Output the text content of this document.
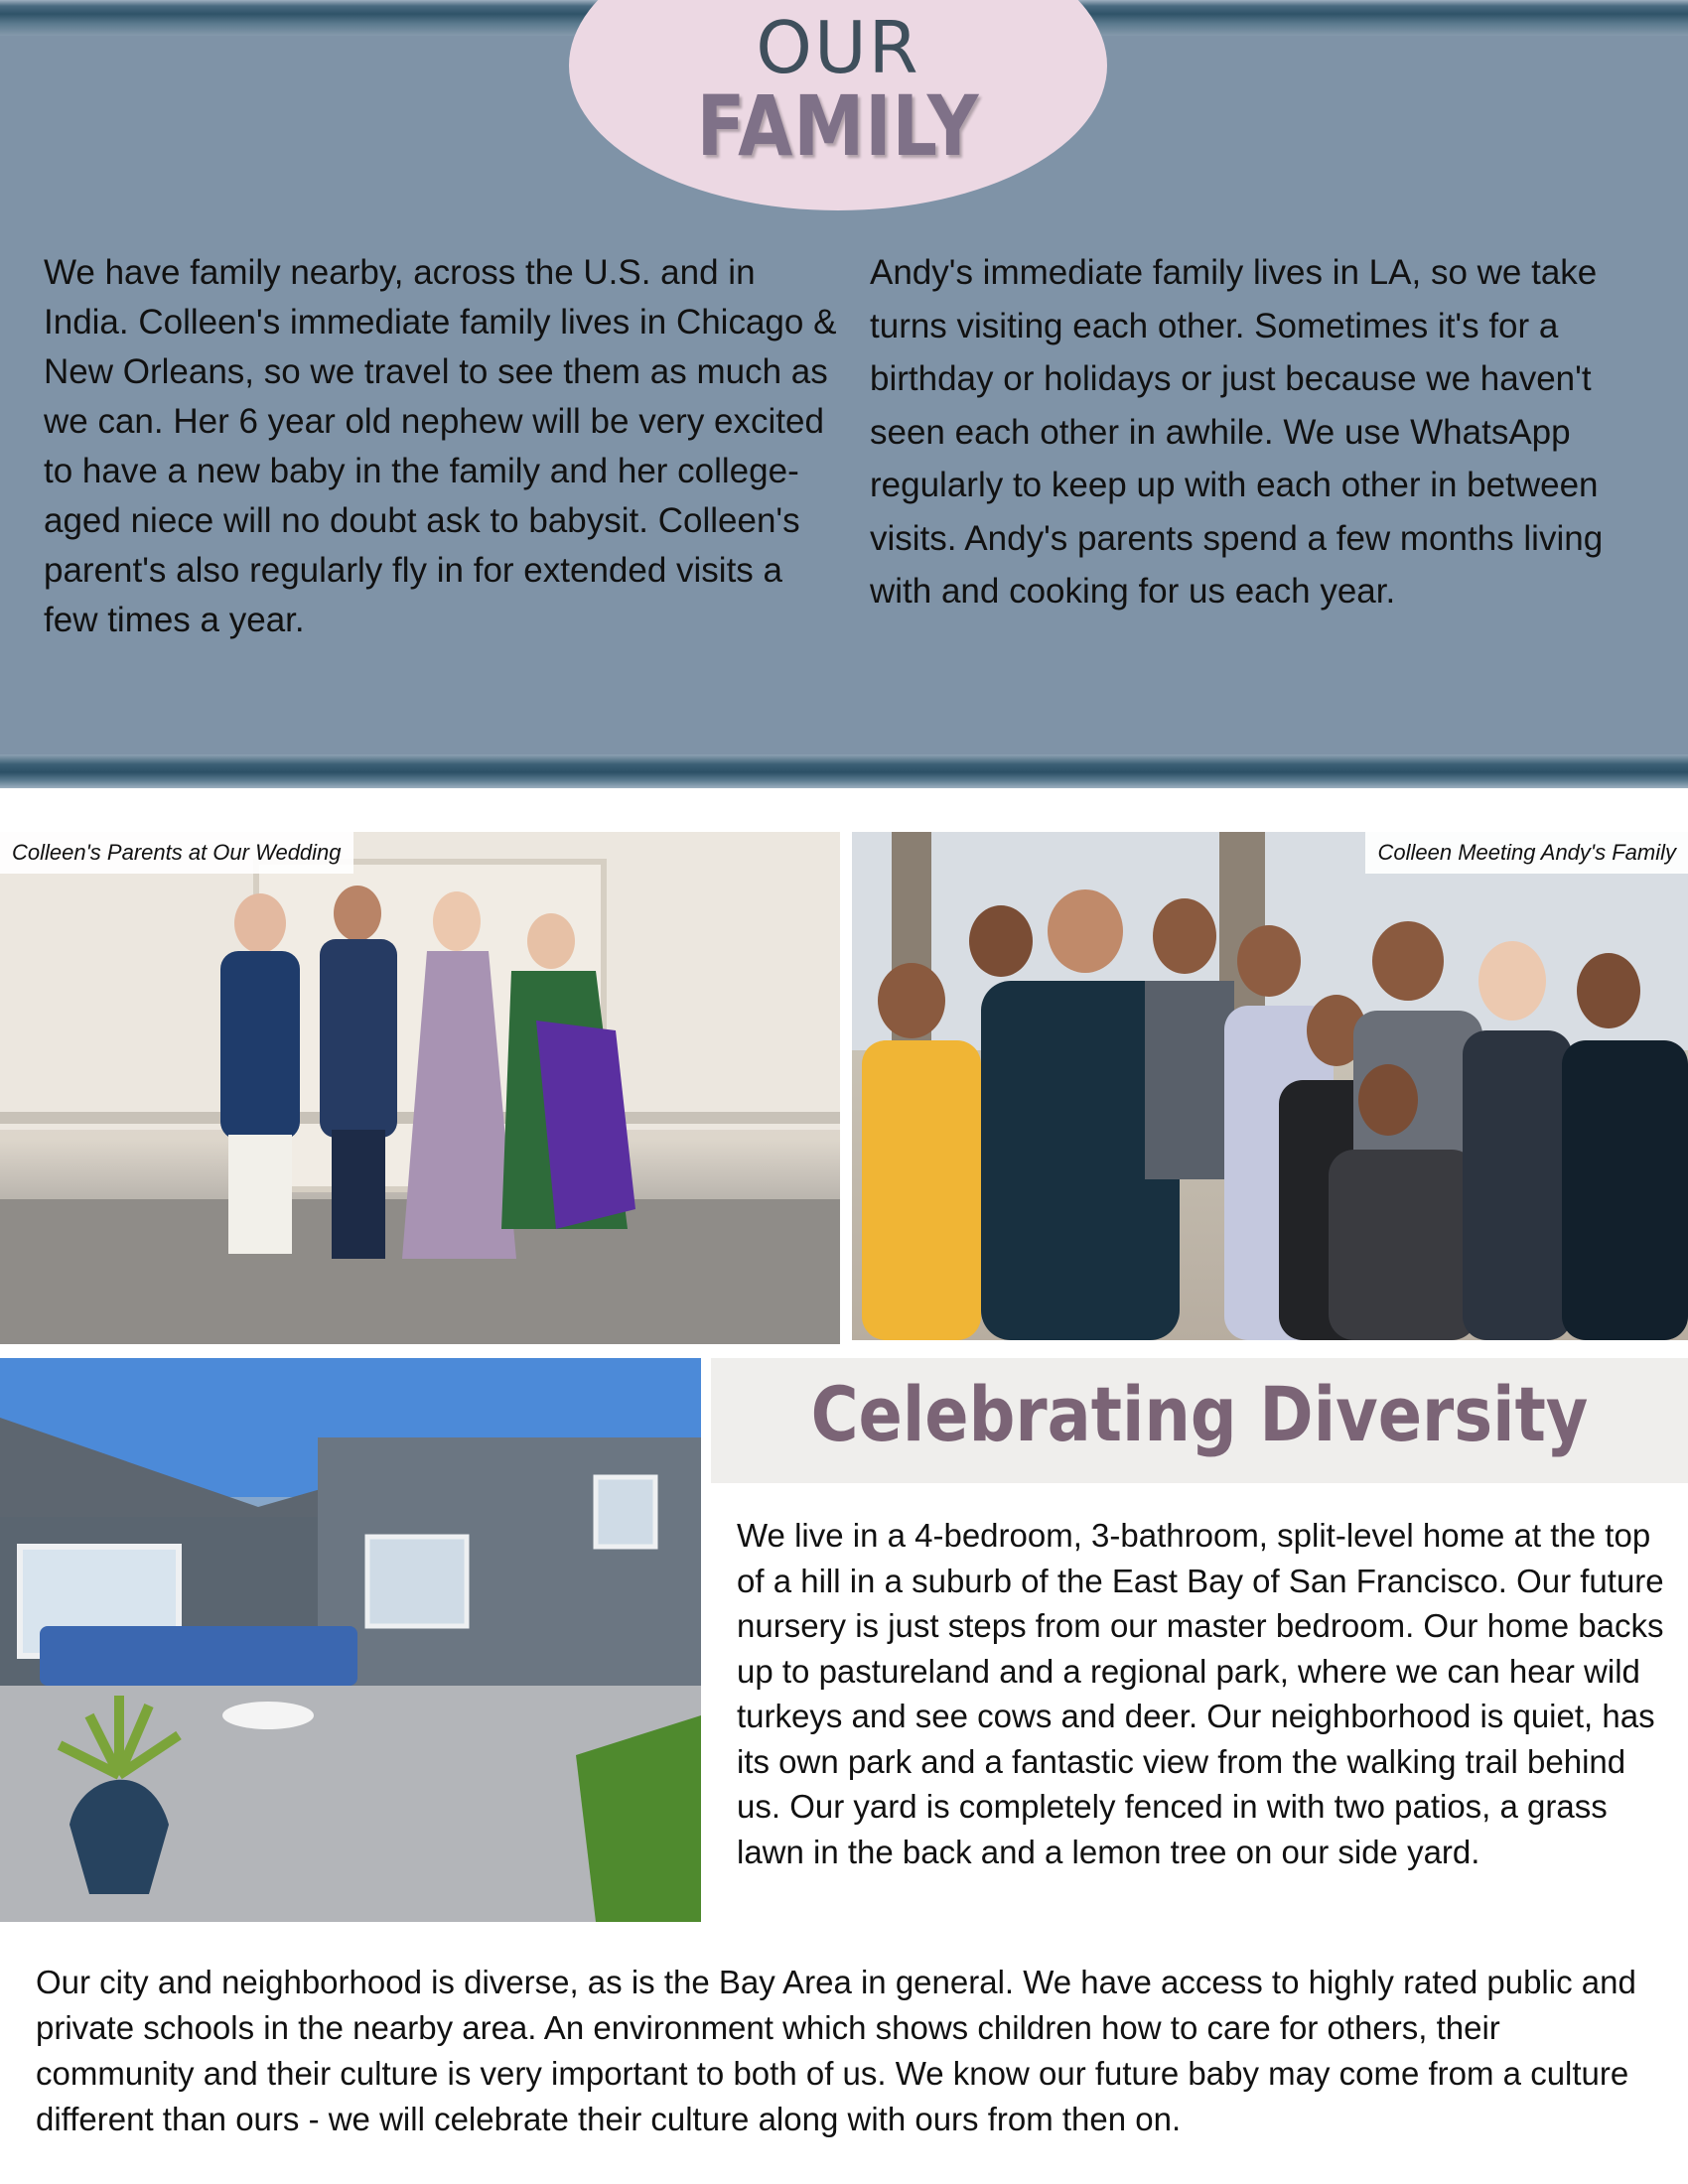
OUR
FAMILY
We have family nearby, across the U.S. and in India. Colleen's immediate family lives in Chicago & New Orleans, so we travel to see them as much as we can. Her 6 year old nephew will be very excited to have a new baby in the family and her college-aged niece will no doubt ask to babysit. Colleen's parent's also regularly fly in for extended visits a few times a year.
Andy's immediate family lives in LA, so we take turns visiting each other. Sometimes it's for a birthday or holidays or just because we haven't seen each other in awhile. We use WhatsApp regularly to keep up with each other in between visits. Andy's parents spend a few months living with and cooking for us each year.
Colleen's Parents at Our Wedding	Colleen Meeting Andy's Family
Celebrating Diversity
We live in a 4-bedroom, 3-bathroom, split-level home at the top of a hill in a suburb of the East Bay of San Francisco. Our future nursery is just steps from our master bedroom. Our home backs up to pastureland and a regional park, where we can hear wild turkeys and see cows and deer. Our neighborhood is quiet, has its own park and a fantastic view from the walking trail behind us. Our yard is completely fenced in with two patios, a grass lawn in the back and a lemon tree on our side yard.
Our city and neighborhood is diverse, as is the Bay Area in general. We have access to highly rated public and private schools in the nearby area. An environment which shows children how to care for others, their community and their culture is very important to both of us. We know our future baby may come from a culture different than ours - we will celebrate their culture along with ours from then on.
